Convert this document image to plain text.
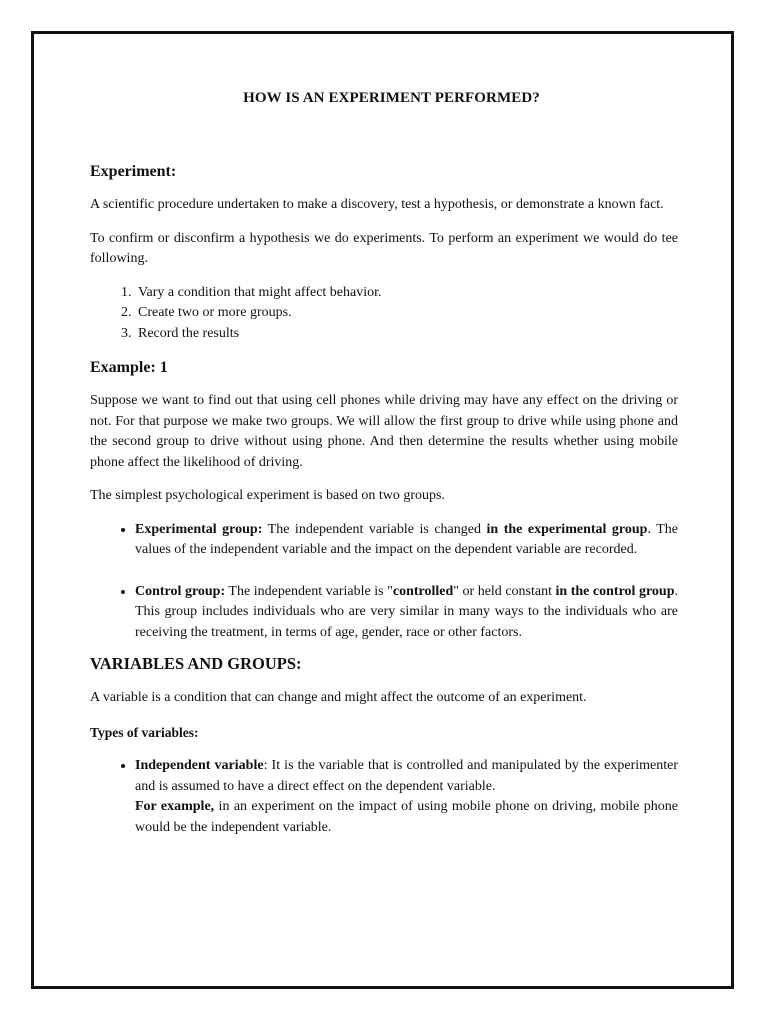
HOW IS AN EXPERIMENT PERFORMED?
Experiment:

A scientific procedure undertaken to make a discovery, test a hypothesis, or demonstrate a known fact.

To confirm or disconfirm a hypothesis we do experiments. To perform an experiment we would do tee following.

1. Vary a condition that might affect behavior.
2. Create two or more groups.
3. Record the results
Example: 1

Suppose we want to find out that using cell phones while driving may have any effect on the driving or not. For that purpose we make two groups. We will allow the first group to drive while using phone and the second group to drive without using phone. And then determine the results whether using mobile phone affect the likelihood of driving.

The simplest psychological experiment is based on two groups.

• Experimental group: The independent variable is changed in the experimental group. The values of the independent variable and the impact on the dependent variable are recorded.
• Control group: The independent variable is "controlled" or held constant in the control group. This group includes individuals who are very similar in many ways to the individuals who are receiving the treatment, in terms of age, gender, race or other factors.
VARIABLES AND GROUPS:

A variable is a condition that can change and might affect the outcome of an experiment.

Types of variables:

• Independent variable: It is the variable that is controlled and manipulated by the experimenter and is assumed to have a direct effect on the dependent variable.
For example, in an experiment on the impact of using mobile phone on driving, mobile phone would be the independent variable.
